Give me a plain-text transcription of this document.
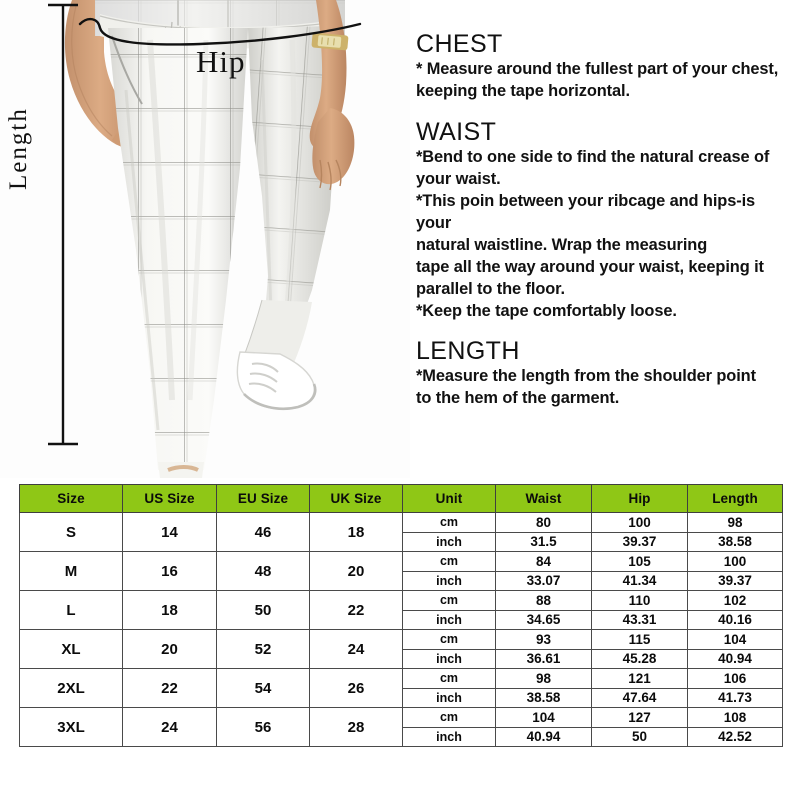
Hip	CHEST

* Measure around the fullest part of your chest,
keeping the tape horizontal.

WAIST

*Bend to one side to find the natural crease of
your waist.
*This poin between your ribcage and hips-is your
natural waistline. Wrap the measuring
tape all the way around your waist, keeping it
parallel to the floor.
*Keep the tape comfortably loose.

LENGTH

*Measure the length from the shoulder point
to the hem of the garment.

Size	US Size	EU Size	UK Size	Unit	Waist	Hip	Length
S	14	46	18	cm	80	100	98
				inch	31.5	39.37	38.58
M	16	48	20	cm	84	105	100
				inch	33.07	41.34	39.37
L	18	50	22	cm	88	110	102
				inch	34.65	43.31	40.16
XL	20	52	24	cm	93	115	104
				inch	36.61	45.28	40.94
2XL	22	54	26	cm	98	121	106
				inch	38.58	47.64	41.73
3XL	24	56	28	cm	104	127	108
				inch	40.94	50	42.52
